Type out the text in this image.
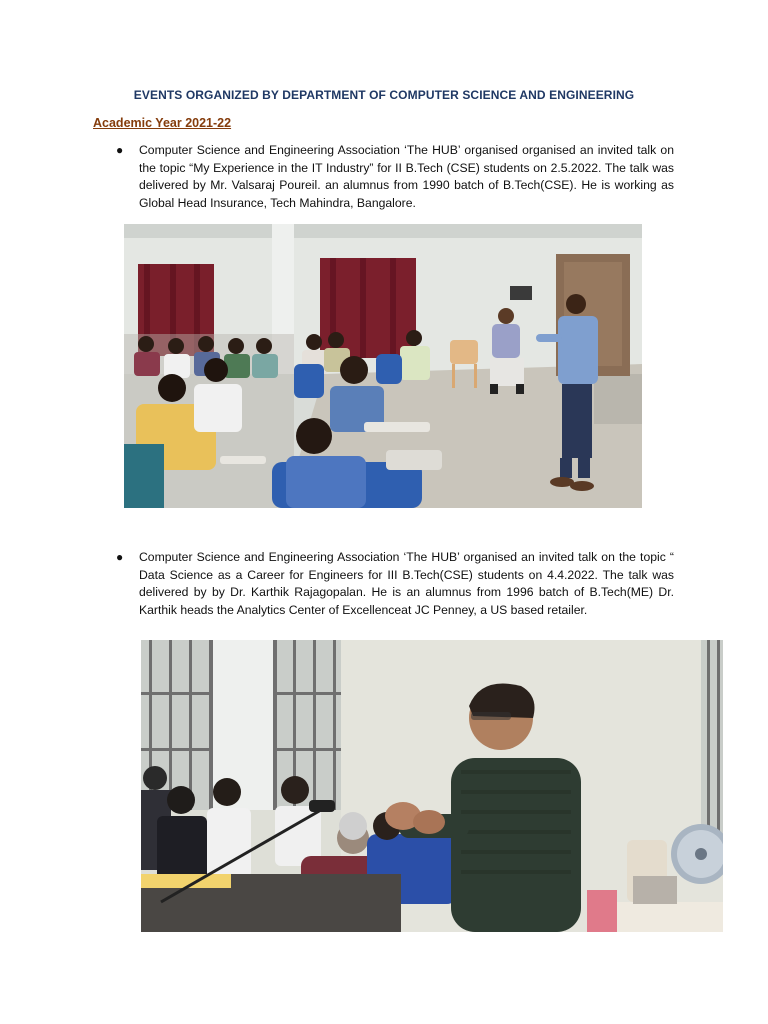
EVENTS ORGANIZED BY DEPARTMENT OF COMPUTER SCIENCE AND ENGINEERING
Academic Year 2021-22
● Computer Science and Engineering Association ‘The HUB’ organised organised an invited talk on the topic “My Experience in the IT Industry” for II B.Tech (CSE) students on 2.5.2022. The talk was delivered by Mr. Valsaraj Poureil. an alumnus from 1990 batch of B.Tech(CSE). He is working as Global Head Insurance, Tech Mahindra, Bangalore.
● Computer Science and Engineering Association ‘The HUB’ organised an invited talk on the topic “ Data Science as a Career for Engineers for III B.Tech(CSE) students on 4.4.2022. The talk was delivered by by Dr. Karthik Rajagopalan. He is an alumnus from 1996 batch of B.Tech(ME) Dr. Karthik heads the Analytics Center of Excellenceat JC Penney, a US based retailer.
